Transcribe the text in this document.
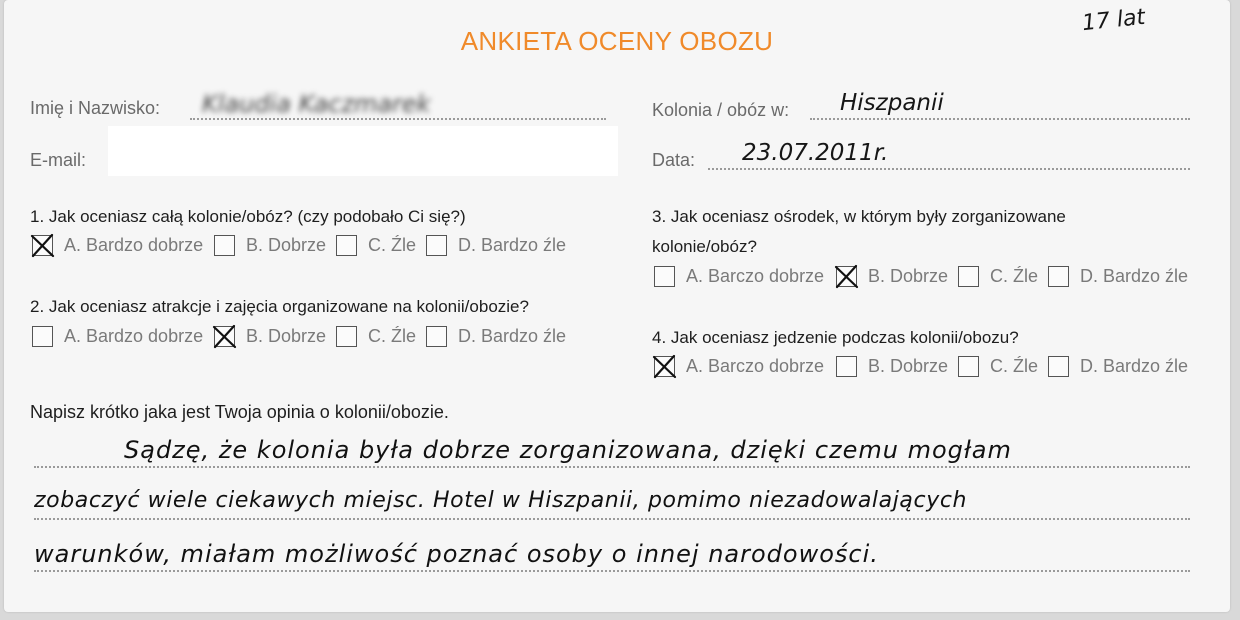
17 lat
ANKIETA OCENY OBOZU
Imię i Nazwisko: Klaudia Kaczmarek
E-mail:
Kolonia / obóz w: Hiszpanii
Data: 23.07.2011r.
1. Jak oceniasz całą kolonie/obóz? (czy podobało Ci się?)
A. Bardzo dobrze B. Dobrze C. Źle D. Bardzo źle
2. Jak oceniasz atrakcje i zajęcia organizowane na kolonii/obozie?
A. Bardzo dobrze B. Dobrze C. Źle D. Bardzo źle
3. Jak oceniasz ośrodek, w którym były zorganizowane
kolonie/obóz?
A. Barczo dobrze B. Dobrze C. Źle D. Bardzo źle
4. Jak oceniasz jedzenie podczas kolonii/obozu?
A. Barczo dobrze B. Dobrze C. Źle D. Bardzo źle
Napisz krótko jaka jest Twoja opinia o kolonii/obozie.
Sądzę, że kolonia była dobrze zorganizowana, dzięki czemu mogłam
zobaczyć wiele ciekawych miejsc. Hotel w Hiszpanii, pomimo niezadowalających
warunków, miałam możliwość poznać osoby o innej narodowości.
